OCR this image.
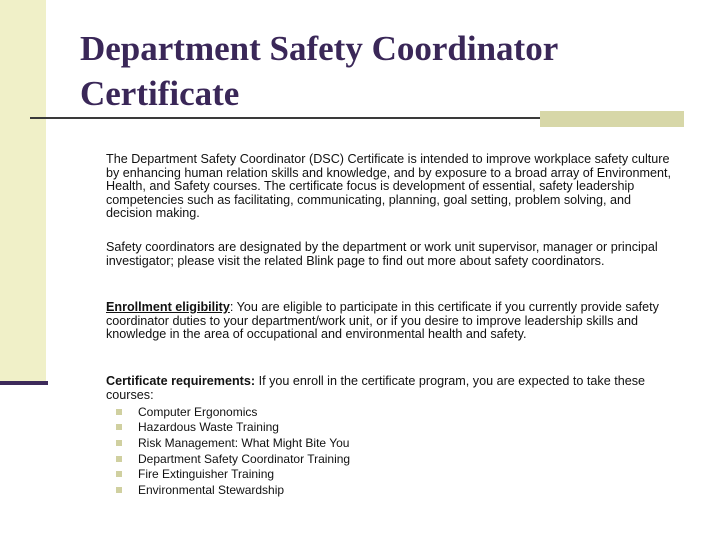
Department Safety Coordinator Certificate

The Department Safety Coordinator (DSC) Certificate is intended to improve workplace safety culture by enhancing human relation skills and knowledge, and by exposure to a broad array of Environment, Health, and Safety courses. The certificate focus is development of essential, safety leadership competencies such as facilitating, communicating, planning, goal setting, problem solving, and decision making.

Safety coordinators are designated by the department or work unit supervisor, manager or principal investigator; please visit the related Blink page to find out more about safety coordinators.

Enrollment eligibility: You are eligible to participate in this certificate if you currently provide safety coordinator duties to your department/work unit, or if you desire to improve leadership skills and knowledge in the area of occupational and environmental health and safety.

Certificate requirements: If you enroll in the certificate program, you are expected to take these courses:

Computer Ergonomics
Hazardous Waste Training
Risk Management: What Might Bite You
Department Safety Coordinator Training
Fire Extinguisher Training
Environmental Stewardship
